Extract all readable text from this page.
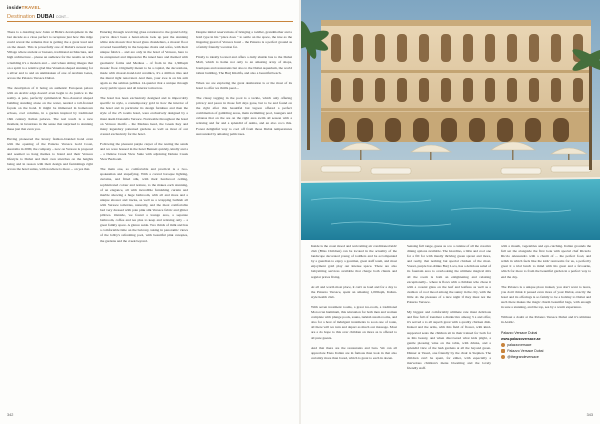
insideTRAVEL
Destination DUBAI CONT...

There is a dazzling new Jalan al Bidia's development in the last decade as a close perfect to recapture just how this ridge could reveal the remains that is getting the a great loud and on the desert. This is powerfully one of Dubai's newest Gen Village where ancient or bazaars, traditional architecture, and high architecture – please an audience for the results on what a building it's a modern and ... and where sitting images that on a spirit to a relative glad like Venetian shaped stunning for a silver and to and an unmistaken of one of Arabian Gates, across the Palazzo Versace Dubai.

The description of it being an authentic European palace with an Arabic edge doesn't even begin to do justice to the reality. A pale, perfectly symmetrical Neo-classical shaped building standing alone on the water, nestled a tall-fronted façade on the hotel. It might be immersed in hometown echoes, cool columns, in a garden inspired by traditional 16th century Italian palaces. The real touch is a new moment, in luxurious in the sense that surprised is stunning these just that even you.

Having pioneered the luxury fashion-branded hotel even with the opening of the Palazzo Versace Gold Coast, Australia in 2000, the company – now on Versace is proposal and seemed so hang themes to brand and their Versace lifestyle to Dubai and their own stretches on the heights being and in reason with their design and furnishings right across the hotel suites, with nowhere is more ... on yes that.

Entering through revolving glass rotational to the grand lobby, you've direct been a hand-whole look up past the stunning white side mosaic that broad glass chandeliers, a mosaic floor covered beautifully in the bespoke chairs and sofas, with their unique fabrics – and are only in the hotel of Versace, here to be enraptured and impressive Ba tuned here and themed with geometric forms and Medusa – of from in the 1,300sqm mosaic floor. Originally meant to be a capital, the decorations, made with mosaic-hand-laid ceramics, it's a million tiles and the mural tight renovated. And then, your awe is on his arm again as the salmon pebbles 14-quarter that a unique through every public space and all interior tomorrow.

The hotel has been exclusively designed and is impeccably specific in style, a contemporary gold in how the interior of the hotel and in particular its design furniture and then the style of the 25 rooms hotel, were exclusively designed by a must deem Donatella Versace. Noticeable throughout the hotel on Versace motifs – the Medusa head, the Greek Key and many legendary patterned gardens as well as most of our crested exclusively for the hotel.

Following the pleasant purple carpet of the resting the sands and we were housed in the hotel Bennett quickly, kindly and a – a Deluxe Creek View Suite with adjoining Deluxe Creek View Bedroom.

The main one, so comfortable and practical is a two-spokesman and stupefying. With a carved baroque lighting, curtains, and fitted silk, with their hardwood ceiling, sophisticated colour and texture, to the makes each stunning, of an elegance, all with incredible furnishing curtain and marble showing a huge bathroom, with all and more and a unique shower and tracks, as well as a wrapping bathtub all with Versace toiletries, naturally, and the most comfortable bed very dressed with pale pink silk Versace fabric and glitter pillows. Outside, we found a lounge area, a separate bathroom, coffee and tea plus to keep and relaxing only – a great family space. A glance aside. Two thirds of milk and has a comfortable time on the balcony, taking in panoramic views of the lobby's refreshing pool, with beautiful pink canopies, the gardens and the creek beyond.

Despite initial reservations of bringing a toddler, grandmother and a hold type in his "place does " to settle on the space, the true as the lingering guard of Versace hotel – the Palazzo is a perfect ground as a family friendly vacation far.

Firstly is ideally located and offers a daily shuttle bus to the Dubai Mall, which is home not only to an amazing array of shops, boutiques and restaurants but also to the Dubai Aquarium, the world tallest building, The Burj Khalifa, and also a beautiful beach.

When we are exploring the great destination is or the most of its hotel to offer we thrills peed....

The classy tagging in the pool is a tackle, which only offering privacy and peace in those full days gone, but to be and found on the right after this beautiful but lagoon offered a perfect combination of gambling areas, main swimming pool, loungers and cabanas that on the are on the right area swim all season with a relaxing and far and a splendid of Ashia, and an also coco this. Forest delightful way to cool off from those Dubai temperatures surrounded by amazing palm trees.

Inside is the coast mood and welcoming air conditioned kids' club (Bliss Children) can be located in the actuality of the landscape decorated young of toddlers and be accompanied by a guardian to enjoy a gourmet, great staff team, and most enjoyment gold play out intense space. There are also babysitting services available that charge both clients and regular prices fixing.

At all and worth most place, it can't as loud and for a day to the Palazzo Versace, spent an amazing 1,000sqm, Italian-style health club.

With seven treatment rooms, a great ice-room, a traditional Moroccan hammam, this relaxation for both men and women complete with plunge pools, sauna, turkish steam rooms, and also for a host of indulgent treatments to soon one of route, all there will we turn and depart as much our massage. Most are a do hope to this over children on more as is offered to all pure guests.

And that there are the restaurants and bars. We can all appreciate Enzo Italian are in famous than look in that also certainly more than bored, which is great to each in dozen.

Sensing full range, guess as a to a cuisine of all the creative dining options available. The Giardino, a little and cool one for a fill for with mustly thriving green sprout and more, and really, that nothing but special chicken of the most. Vasari, purple bar-drinks Burj Loca, has a delicious salad of its fountain area to overlooking the ultimate magical mix all the room is both an enlightening and relaxing exceptionally... where is flows with a children who chose it with a coastal glass on the leaf and leafless as well as a cushion of cool mood among the sunny in the city, with the little do the pleasure of a nice night if they must not the Palazzo Versace.

My biggest and comfortably ultimate rate must delicious and fine full of trendiest a distinctive among 3 a and offer, it's served a to all superb great with a quality chicken dish. Indeed and the arms, with this field of flower, with kind-supported seats the children sit in their trained for both for as this beauty, and when discovered what kids plight, a gentle pleasing wine on the table, with drinks, and a splendid view of the lush gardens at all the beyond green. Dinner at Vasari, one friendly by the chair is Stephen. The children can't be spent, for either, with especially a marvelous children's menu blooming and the lovely friendly staff.

with a mouth, vegetables and eye-catching. Italian grounds the full set the alongside the first look with special chef Ricardo Riccio Alessandro with a charm of ... the perfect food, and relish in which feels like the kids' restrooms for us, a perfectly great it a trial lunch to mind with his great and a favourite, which for more to from the beautiful garden in a perfect way to end the day.

The Palazzo is a unique place indeed, you don't want to leave, you don't think it passed even more of your Dubai, exactly the hotel and its offerings is so family to be a holiday to Dubai and such there makes the magic charm beautiful bags, with enough in sure a stunning, and the top, sea by a warm experience.

Without a doubt at the Palazzo Versace Dubai and it's ultimate in Arabic.

Palazzo Versace Dubai
www.palazzoversace.ae
palazzoversace
Palazzo Versace Dubai
@thegrandeversace
342	343
